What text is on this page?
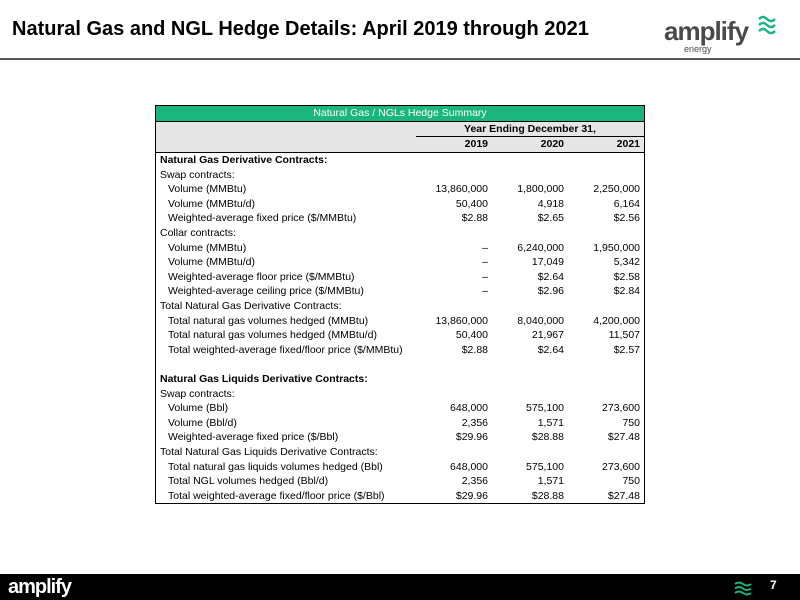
Natural Gas and NGL Hedge Details: April 2019 through 2021	amplify
energy
Natural Gas / NGLs Hedge Summary			
	Year Ending December 31,		
	2019	2020	2021
Natural Gas Derivative Contracts:			
Swap contracts:			
Volume (MMBtu)	13,860,000	1,800,000	2,250,000
Volume (MMBtu/d)	50,400	4,918	6,164
Weighted-average fixed price ($/MMBtu)	$2.88	$2.65	$2.56
Collar contracts:			
Volume (MMBtu)	–	6,240,000	1,950,000
Volume (MMBtu/d)	–	17,049	5,342
Weighted-average floor price ($/MMBtu)	–	$2.64	$2.58
Weighted-average ceiling price ($/MMBtu)	–	$2.96	$2.84
Total Natural Gas Derivative Contracts:			
Total natural gas volumes hedged (MMBtu)	13,860,000	8,040,000	4,200,000
Total natural gas volumes hedged (MMBtu/d)	50,400	21,967	11,507
Total weighted-average fixed/floor price ($/MMBtu)	$2.88	$2.64	$2.57

Natural Gas Liquids Derivative Contracts:			
Swap contracts:			
Volume (Bbl)	648,000	575,100	273,600
Volume (Bbl/d)	2,356	1,571	750
Weighted-average fixed price ($/Bbl)	$29.96	$28.88	$27.48
Total Natural Gas Liquids Derivative Contracts:			
Total natural gas liquids volumes hedged (Bbl)	648,000	575,100	273,600
Total NGL volumes hedged (Bbl/d)	2,356	1,571	750
Total weighted-average fixed/floor price ($/Bbl)	$29.96	$28.88	$27.48
amplify	7
